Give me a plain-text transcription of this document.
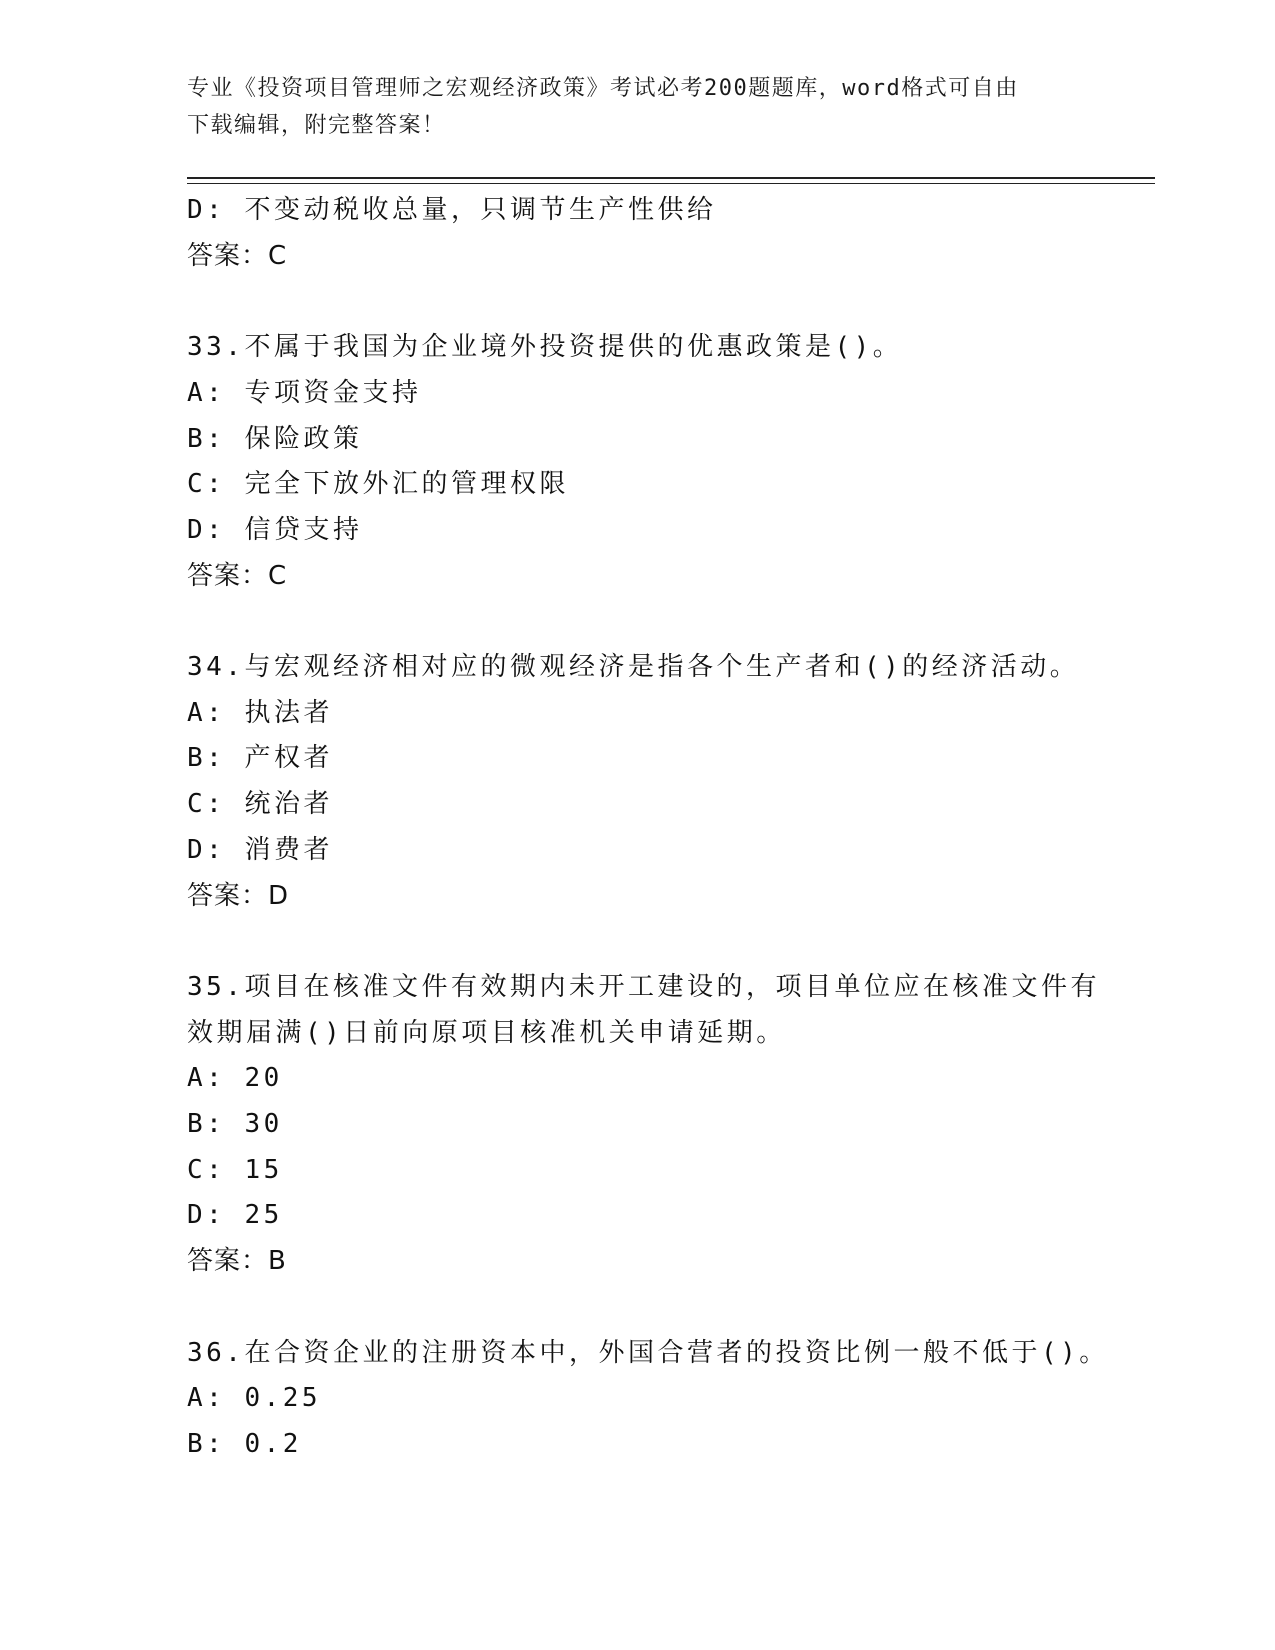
专业《投资项目管理师之宏观经济政策》考试必考200题题库，word格式可自由
下载编辑，附完整答案！
D: 不变动税收总量，只调节生产性供给
答案：C
33.不属于我国为企业境外投资提供的优惠政策是()。
A: 专项资金支持
B: 保险政策
C: 完全下放外汇的管理权限
D: 信贷支持
答案：C
34.与宏观经济相对应的微观经济是指各个生产者和()的经济活动。
A: 执法者
B: 产权者
C: 统治者
D: 消费者
答案：D
35.项目在核准文件有效期内未开工建设的，项目单位应在核准文件有
效期届满()日前向原项目核准机关申请延期。
A: 20
B: 30
C: 15
D: 25
答案：B
36.在合资企业的注册资本中，外国合营者的投资比例一般不低于()。
A: 0.25
B: 0.2
